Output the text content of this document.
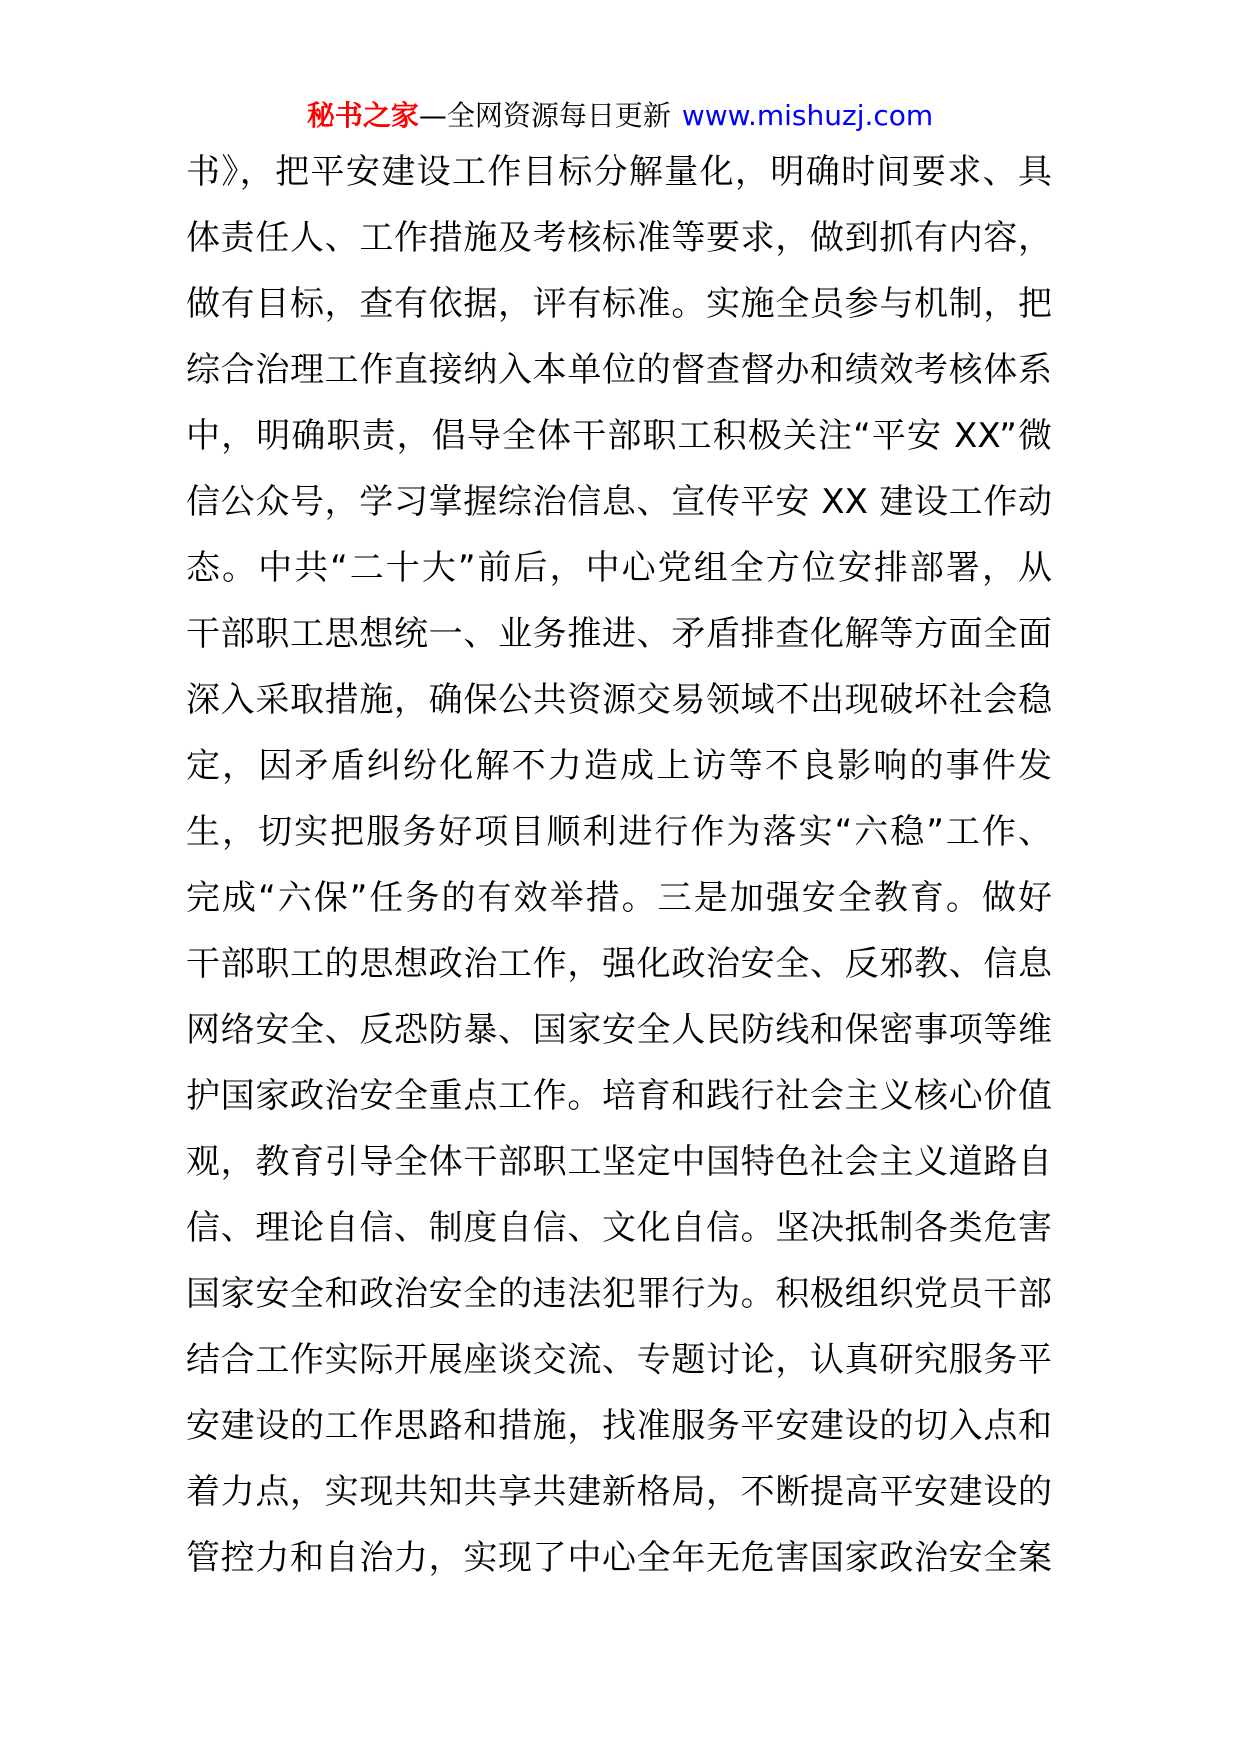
秘书之家—全网资源每日更新 www.mishuzj.com
书》，把平安建设工作目标分解量化，明确时间要求、具
体责任人、工作措施及考核标准等要求，做到抓有内容，
做有目标，查有依据，评有标准。实施全员参与机制，把
综合治理工作直接纳入本单位的督查督办和绩效考核体系
中，明确职责，倡导全体干部职工积极关注“平安 XX”微
信公众号，学习掌握综治信息、宣传平安 XX 建设工作动
态。中共“二十大”前后，中心党组全方位安排部署，从
干部职工思想统一、业务推进、矛盾排查化解等方面全面
深入采取措施，确保公共资源交易领域不出现破坏社会稳
定，因矛盾纠纷化解不力造成上访等不良影响的事件发
生，切实把服务好项目顺利进行作为落实“六稳”工作、
完成“六保”任务的有效举措。三是加强安全教育。做好
干部职工的思想政治工作，强化政治安全、反邪教、信息
网络安全、反恐防暴、国家安全人民防线和保密事项等维
护国家政治安全重点工作。培育和践行社会主义核心价值
观，教育引导全体干部职工坚定中国特色社会主义道路自
信、理论自信、制度自信、文化自信。坚决抵制各类危害
国家安全和政治安全的违法犯罪行为。积极组织党员干部
结合工作实际开展座谈交流、专题讨论，认真研究服务平
安建设的工作思路和措施，找准服务平安建设的切入点和
着力点，实现共知共享共建新格局，不断提高平安建设的
管控力和自治力，实现了中心全年无危害国家政治安全案
